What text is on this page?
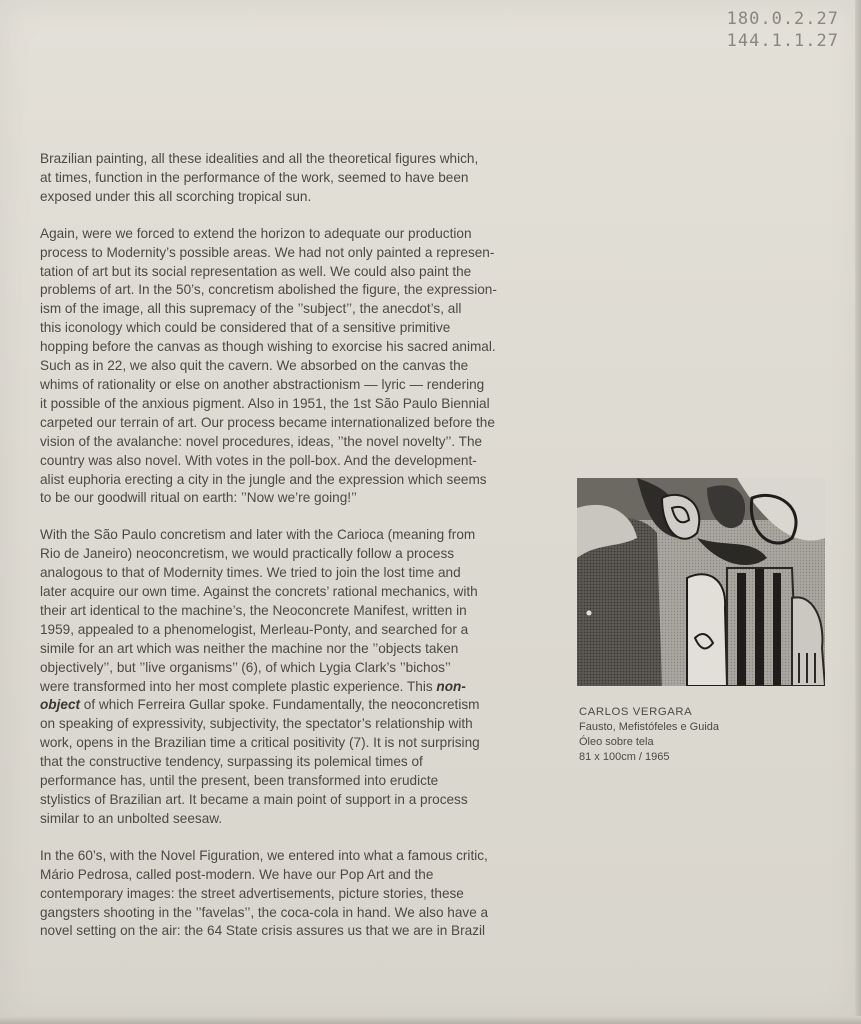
180.0.2.27
144.1.1.27

Brazilian painting, all these idealities and all the theoretical figures which,
at times, function in the performance of the work, seemed to have been
exposed under this all scorching tropical sun.

Again, were we forced to extend the horizon to adequate our production
process to Modernity’s possible areas. We had not only painted a represen-
tation of art but its social representation as well. We could also paint the
problems of art. In the 50’s, concretism abolished the figure, the expression-
ism of the image, all this supremacy of the ’’subject’’, the anecdot’s, all
this iconology which could be considered that of a sensitive primitive
hopping before the canvas as though wishing to exorcise his sacred animal.
Such as in 22, we also quit the cavern. We absorbed on the canvas the
whims of rationality or else on another abstractionism — lyric — rendering
it possible of the anxious pigment. Also in 1951, the 1st São Paulo Biennial
carpeted our terrain of art. Our process became internationalized before the
vision of the avalanche: novel procedures, ideas, ’’the novel novelty’’. The
country was also novel. With votes in the poll-box. And the development-
alist euphoria erecting a city in the jungle and the expression which seems
to be our goodwill ritual on earth: ’’Now we’re going!’’

With the São Paulo concretism and later with the Carioca (meaning from
Rio de Janeiro) neoconcretism, we would practically follow a process
analogous to that of Modernity times. We tried to join the lost time and
later acquire our own time. Against the concrets’ rational mechanics, with
their art identical to the machine’s, the Neoconcrete Manifest, written in
1959, appealed to a phenomelogist, Merleau-Ponty, and searched for a
simile for an art which was neither the machine nor the ’’objects taken
objectively’’, but ’’live organisms’’ (6), of which Lygia Clark’s ’’bichos’’
were transformed into her most complete plastic experience. This non-
object of which Ferreira Gullar spoke. Fundamentally, the neoconcretism
on speaking of expressivity, subjectivity, the spectator’s relationship with
work, opens in the Brazilian time a critical positivity (7). It is not surprising
that the constructive tendency, surpassing its polemical times of
performance has, until the present, been transformed into erudicte
stylistics of Brazilian art. It became a main point of support in a process
similar to an unbolted seesaw.

In the 60’s, with the Novel Figuration, we entered into what a famous critic,
Mário Pedrosa, called post-modern. We have our Pop Art and the
contemporary images: the street advertisements, picture stories, these
gangsters shooting in the ’’favelas’’, the coca-cola in hand. We also have a
novel setting on the air: the 64 State crisis assures us that we are in Brazil

CARLOS VERGARA
Fausto, Mefistófeles e Guida
Óleo sobre tela
81 x 100cm / 1965
